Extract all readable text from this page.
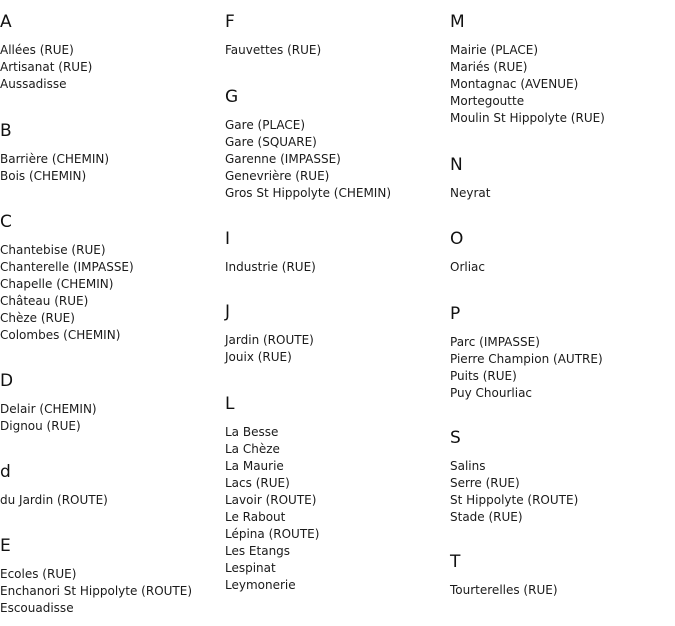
A
Allées (RUE)
Artisanat (RUE)
Aussadisse
B
Barrière (CHEMIN)
Bois (CHEMIN)
C
Chantebise (RUE)
Chanterelle (IMPASSE)
Chapelle (CHEMIN)
Château (RUE)
Chèze (RUE)
Colombes (CHEMIN)
D
Delair (CHEMIN)
Dignou (RUE)
d
du Jardin (ROUTE)
E
Ecoles (RUE)
Enchanori St Hippolyte (ROUTE)
Escouadisse
F
Fauvettes (RUE)
G
Gare (PLACE)
Gare (SQUARE)
Garenne (IMPASSE)
Genevrière (RUE)
Gros St Hippolyte (CHEMIN)
I
Industrie (RUE)
J
Jardin (ROUTE)
Jouix (RUE)
L
La Besse
La Chèze
La Maurie
Lacs (RUE)
Lavoir (ROUTE)
Le Rabout
Lépina (ROUTE)
Les Etangs
Lespinat
Leymonerie
M
Mairie (PLACE)
Mariés (RUE)
Montagnac (AVENUE)
Mortegoutte
Moulin St Hippolyte (RUE)
N
Neyrat
O
Orliac
P
Parc (IMPASSE)
Pierre Champion (AUTRE)
Puits (RUE)
Puy Chourliac
S
Salins
Serre (RUE)
St Hippolyte (ROUTE)
Stade (RUE)
T
Tourterelles (RUE)
